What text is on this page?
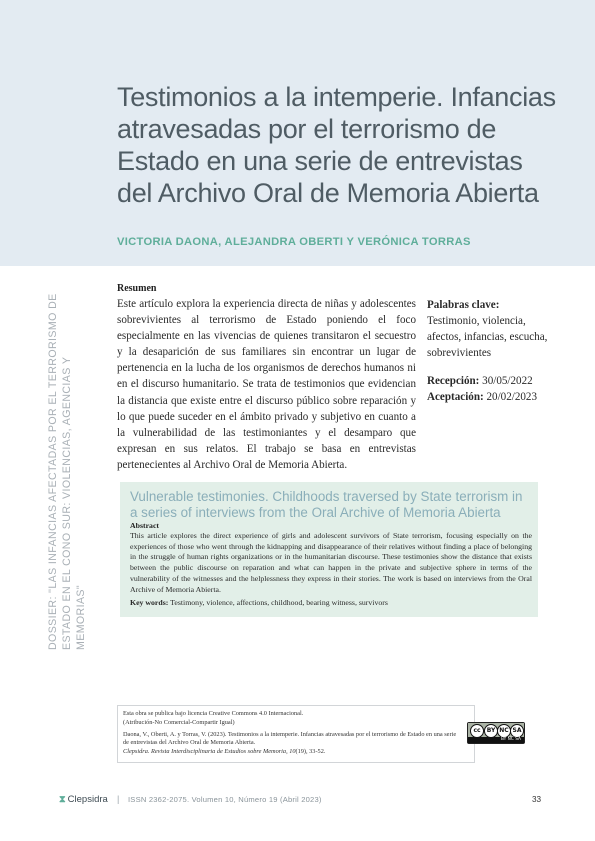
Testimonios a la intemperie. Infancias atravesadas por el terrorismo de Estado en una serie de entrevistas del Archivo Oral de Memoria Abierta
VICTORIA DAONA, ALEJANDRA OBERTI Y VERÓNICA TORRAS
DOSSIER: "LAS INFANCIAS AFECTADAS POR EL TERRORISMO DE ESTADO EN EL CONO SUR: VIOLENCIAS, AGENCIAS Y MEMORIAS"
Resumen

Este artículo explora la experiencia directa de niñas y adolescentes sobrevivientes al terrorismo de Estado poniendo el foco especialmente en las vivencias de quienes transitaron el secuestro y la desaparición de sus familiares sin encontrar un lugar de pertenencia en la lucha de los organismos de derechos humanos ni en el discurso humanitario. Se trata de testimonios que evidencian la distancia que existe entre el discurso público sobre reparación y lo que puede suceder en el ámbito privado y subjetivo en cuanto a la vulnerabilidad de las testimoniantes y el desamparo que expresan en sus relatos. El trabajo se basa en entrevistas pertenecientes al Archivo Oral de Memoria Abierta.

Palabras clave: Testimonio, violencia, afectos, infancias, escucha, sobrevivientes

Recepción: 30/05/2022
Aceptación: 20/02/2023
Vulnerable testimonies. Childhoods traversed by State terrorism in a series of interviews from the Oral Archive of Memoria Abierta
Abstract

This article explores the direct experience of girls and adolescent survivors of State terrorism, focusing especially on the experiences of those who went through the kidnapping and disappearance of their relatives without finding a place of belonging in the struggle of human rights organizations or in the humanitarian discourse. These testimonies show the distance that exists between the public discourse on reparation and what can happen in the private and subjective sphere in terms of the vulnerability of the witnesses and the helplessness they express in their stories. The work is based on interviews from the Oral Archive of Memoria Abierta.

Key words: Testimony, violence, affections, childhood, bearing witness, survivors
Esta obra se publica bajo licencia Creative Commons 4.0 Internacional.
(Atribución-No Comercial-Compartir Igual)
Daona, V., Oberti, A. y Torras, V. (2023). Testimonios a la intemperie. Infancias atravesadas por el terrorismo de Estado en una serie de entrevistas del Archivo Oral de Memoria Abierta.
Clepsidra. Revista Interdisciplinaria de Estudios sobre Memoria, 10(19), 33-52.
cc	BY NC SA
BY NC SA
⧗ Clepsidra | ISSN 2362-2075. Volumen 10, Número 19 (Abril 2023)	33
